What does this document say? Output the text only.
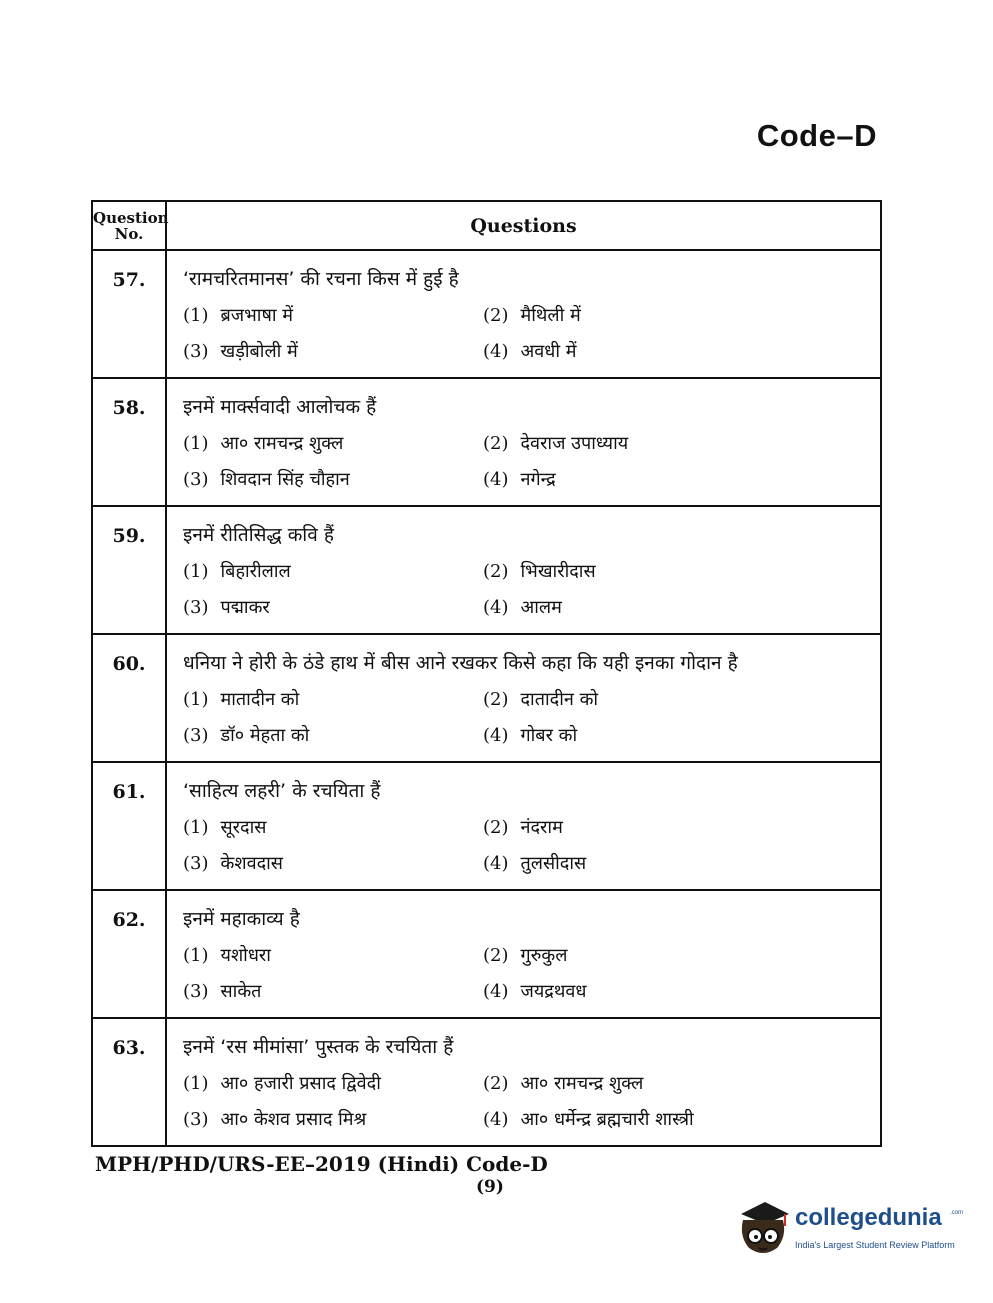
Code–D
Question
No.	Questions
57.	‘रामचरितमानस’ की रचना किस में हुई है
(1) ब्रजभाषा में (2) मैथिली में
(3) खड़ीबोली में (4) अवधी में

58.	इनमें मार्क्सवादी आलोचक हैं
(1) आ० रामचन्द्र शुक्ल (2) देवराज उपाध्याय
(3) शिवदान सिंह चौहान (4) नगेन्द्र

59.	इनमें रीतिसिद्ध कवि हैं
(1) बिहारीलाल (2) भिखारीदास
(3) पद्माकर (4) आलम

60.	धनिया ने होरी के ठंडे हाथ में बीस आने रखकर किसे कहा कि यही इनका गोदान है
(1) मातादीन को (2) दातादीन को
(3) डॉ० मेहता को (4) गोबर को

61.	‘साहित्य लहरी’ के रचयिता हैं
(1) सूरदास (2) नंदराम
(3) केशवदास (4) तुलसीदास

62.	इनमें महाकाव्य है
(1) यशोधरा (2) गुरुकुल
(3) साकेत (4) जयद्रथवध

63.	इनमें ‘रस मीमांसा’ पुस्तक के रचयिता हैं
(1) आ० हजारी प्रसाद द्विवेदी (2) आ० रामचन्द्र शुक्ल
(3) आ० केशव प्रसाद मिश्र (4) आ० धर्मेन्द्र ब्रह्मचारी शास्त्री
MPH/PHD/URS-EE–2019 (Hindi) Code-D
(9)
collegedunia .com
India's Largest Student Review Platform
